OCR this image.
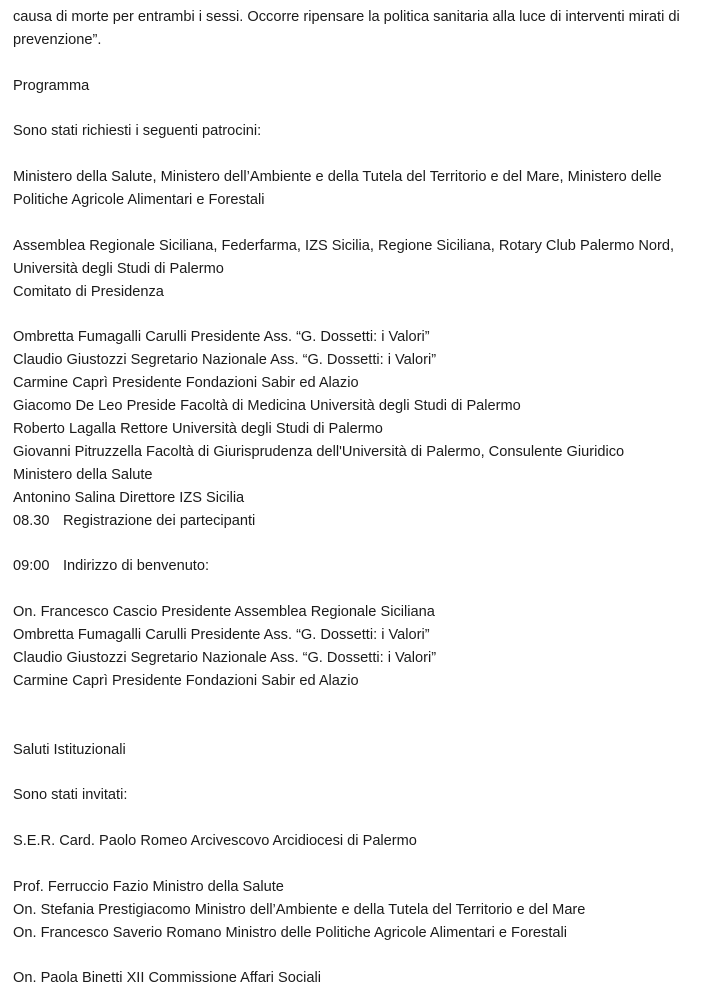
causa di morte per entrambi i sessi. Occorre ripensare la politica sanitaria alla luce di interventi mirati di
prevenzione”.
Programma
Sono stati richiesti i seguenti patrocini:
Ministero della Salute, Ministero dell’Ambiente e della Tutela del Territorio e del Mare, Ministero delle
Politiche Agricole Alimentari e Forestali
Assemblea Regionale Siciliana, Federfarma, IZS Sicilia, Regione Siciliana, Rotary Club Palermo Nord,
Università degli Studi di Palermo
Comitato di Presidenza
Ombretta Fumagalli Carulli Presidente Ass. “G. Dossetti: i Valori”
Claudio Giustozzi Segretario Nazionale Ass. “G. Dossetti: i Valori”
Carmine Caprì Presidente Fondazioni Sabir ed Alazio
Giacomo De Leo Preside Facoltà di Medicina Università degli Studi di Palermo
Roberto Lagalla Rettore Università degli Studi di Palermo
Giovanni Pitruzzella Facoltà di Giurisprudenza dell'Università di Palermo, Consulente Giuridico
Ministero della Salute
Antonino Salina Direttore IZS Sicilia
08.30 Registrazione dei partecipanti
09:00 Indirizzo di benvenuto:
On. Francesco Cascio Presidente Assemblea Regionale Siciliana
Ombretta Fumagalli Carulli Presidente Ass. “G. Dossetti: i Valori”
Claudio Giustozzi Segretario Nazionale Ass. “G. Dossetti: i Valori”
Carmine Caprì Presidente Fondazioni Sabir ed Alazio
Saluti Istituzionali
Sono stati invitati:
S.E.R. Card. Paolo Romeo Arcivescovo Arcidiocesi di Palermo
Prof. Ferruccio Fazio Ministro della Salute
On. Stefania Prestigiacomo Ministro dell’Ambiente e della Tutela del Territorio e del Mare
On. Francesco Saverio Romano Ministro delle Politiche Agricole Alimentari e Forestali
On. Paola Binetti XII Commissione Affari Sociali
